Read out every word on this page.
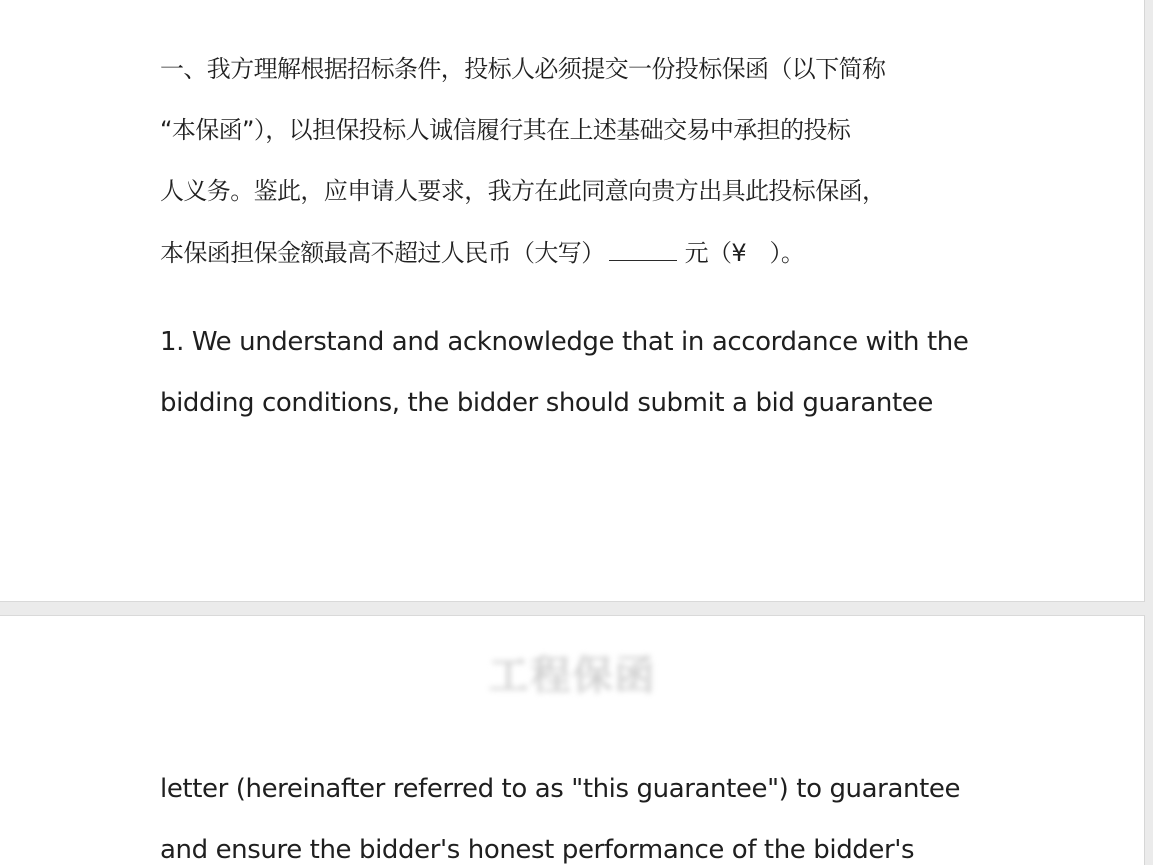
一、我方理解根据招标条件，投标人必须提交一份投标保函（以下简称
“本保函”），以担保投标人诚信履行其在上述基础交易中承担的投标
人义务。鉴此，应申请人要求，我方在此同意向贵方出具此投标保函，
本保函担保金额最高不超过人民币（大写）	元（¥　）。
1. We understand and acknowledge that in accordance with the
bidding conditions, the bidder should submit a bid guarantee
工程保函
letter (hereinafter referred to as "this guarantee") to guarantee
and ensure the bidder's honest performance of the bidder's
